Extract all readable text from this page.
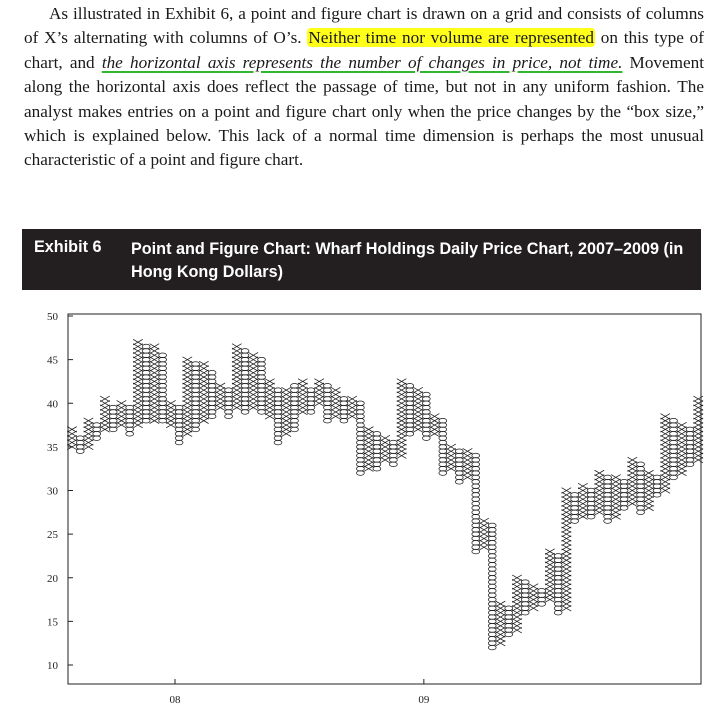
As illustrated in Exhibit 6, a point and figure chart is drawn on a grid and consists of columns of X’s alternating with columns of O’s. Neither time nor volume are represented on this type of chart, and the horizontal axis represents the number of changes in price, not time. Movement along the horizontal axis does reflect the passage of time, but not in any uniform fashion. The analyst makes entries on a point and figure chart only when the price changes by the “box size,” which is explained below. This lack of a normal time dimension is perhaps the most unusual characteristic of a point and figure chart.

Exhibit 6 Point and Figure Chart: Wharf Holdings Daily Price Chart, 2007–2009 (in Hong Kong Dollars)
10
15
20
25
30
35
40
45
50
08	09
